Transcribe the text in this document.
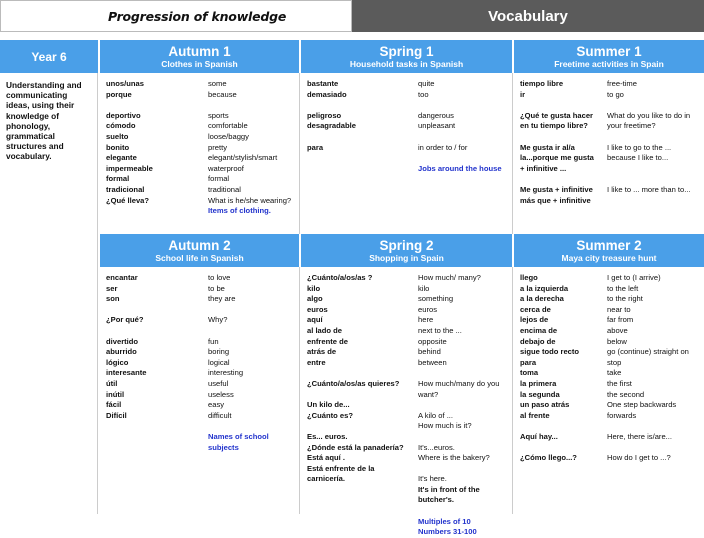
Progression of knowledge	Vocabulary
Year 6
Understanding and communicating ideas, using their knowledge of phonology, grammatical structures and vocabulary.
Autumn 1
Clothes in Spanish
Spring 1
Household tasks in Spanish
Summer 1
Freetime activities in Spain
Autumn 2
School life in Spanish
Spring 2
Shopping in Spain
Summer 2
Maya city treasure hunt
unos/unas
porque
deportivo
cómodo
suelto
bonito
elegante
impermeable
formal
tradicional
¿Qué lleva?
some
because
sports
comfortable
loose/baggy
pretty
elegant/stylish/smart
waterproof
formal
traditional
What is he/she wearing?
Items of clothing.
bastante
demasiado
peligroso
desagradable
para
quite
too
dangerous
unpleasant
in order to / for
Jobs around the house
tiempo libre
ir
¿Qué te gusta hacer
en tu tiempo libre?
Me gusta ir al/a
la...porque me gusta
+ infinitive ...
Me gusta + infinitive
más que + infinitive
free-time
to go
What do you like to do in
your freetime?
I like to go to the ...
because I like to...
I like to ... more than to...
encantar
ser
son
¿Por qué?
divertido
aburrido
lógico
interesante
útil
inútil
fácil
Difícil
to love
to be
they are
Why?
fun
boring
logical
interesting
useful
useless
easy
difficult
Names of school
subjects
¿Cuánto/a/os/as ?
kilo
algo
euros
aquí
al lado de
enfrente de
atrás de
entre
¿Cuánto/a/os/as quieres?
Un kilo de...
¿Cuánto es?
Es... euros.
¿Dónde está la panadería?
Está aquí .
Está enfrente de la
carnicería.
How much/ many?
kilo
something
euros
here
next to the ...
opposite
behind
between
How much/many do you
want?
A kilo of ...
How much is it?
It's...euros.
Where is the bakery?
It's here.
It's in front of the
butcher's.
Multiples of 10
Numbers 31-100
llego
a la izquierda
a la derecha
cerca de
lejos de
encima de
debajo de
sigue todo recto
para
toma
la primera
la segunda
un paso atrás
al frente
Aquí hay...
¿Cómo llego...?
I get to (I arrive)
to the left
to the right
near to
far from
above
below
go (continue) straight on
stop
take
the first
the second
One step backwards
forwards
Here, there is/are...
How do I get to ...?
